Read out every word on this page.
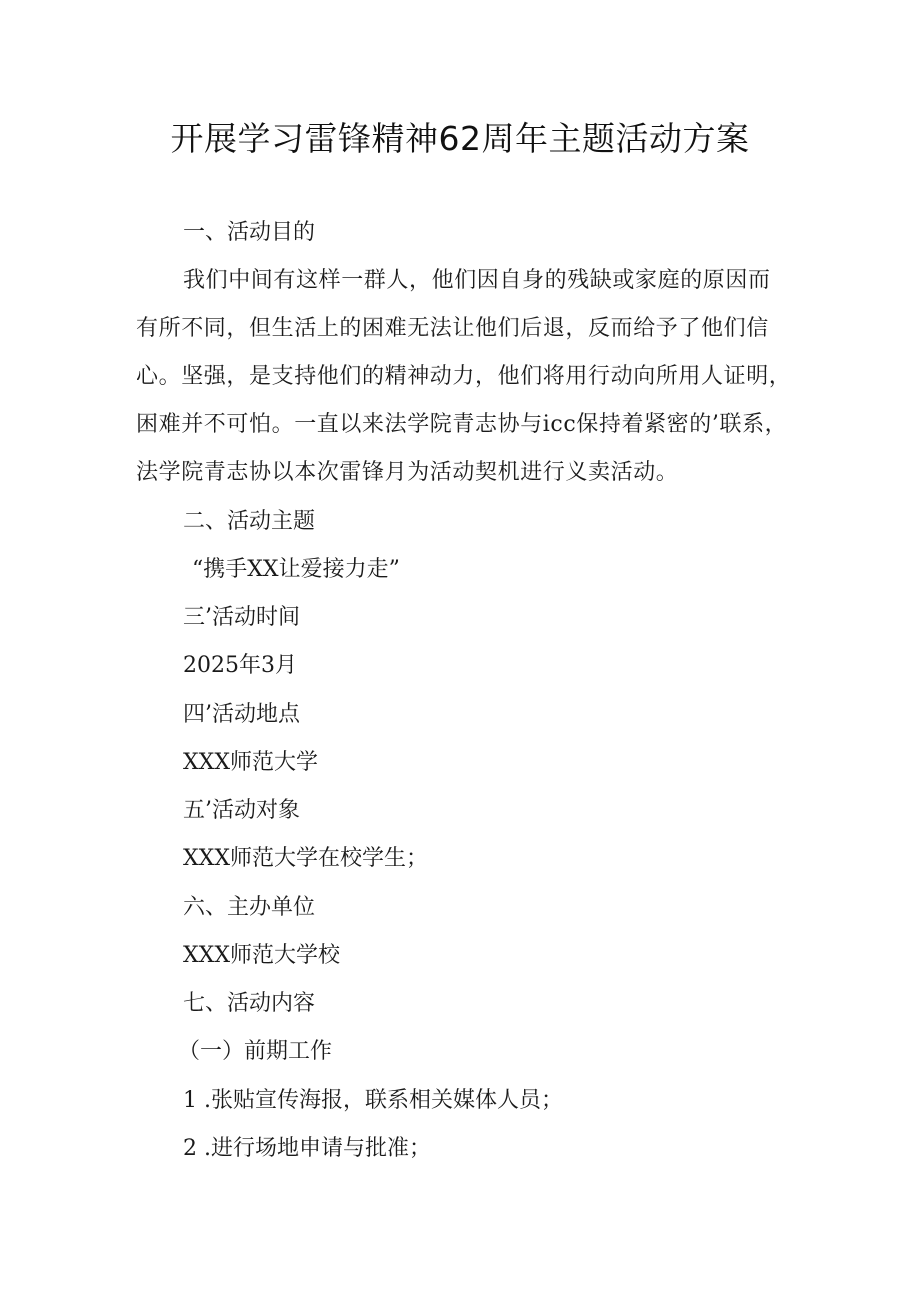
开展学习雷锋精神62周年主题活动方案

一、活动目的

我们中间有这样一群人，他们因自身的残缺或家庭的原因而

有所不同，但生活上的困难无法让他们后退，反而给予了他们信

心。坚强，是支持他们的精神动力，他们将用行动向所用人证明，

困难并不可怕。一直以来法学院青志协与icc保持着紧密的’联系，

法学院青志协以本次雷锋月为活动契机进行义卖活动。

二、活动主题

“携手XX让爱接力走”

三’活动时间

2025年3月

四’活动地点

XXX师范大学

五’活动对象

XXX师范大学在校学生；

六、主办单位

XXX师范大学校

七、活动内容

（一）前期工作

1 .张贴宣传海报，联系相关媒体人员；

2 .进行场地申请与批准；
